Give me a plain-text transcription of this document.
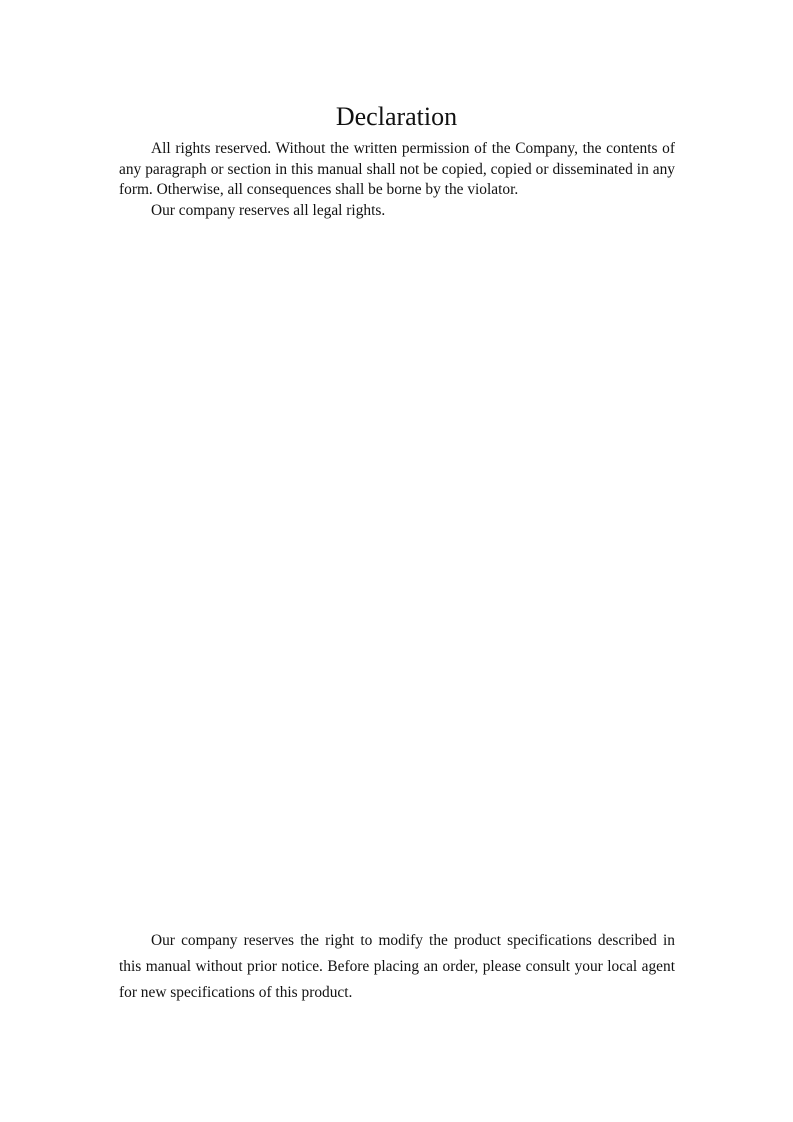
Declaration

All rights reserved. Without the written permission of the Company, the contents of any paragraph or section in this manual shall not be copied, copied or disseminated in any form. Otherwise, all consequences shall be borne by the violator.

Our company reserves all legal rights.

Our company reserves the right to modify the product specifications described in this manual without prior notice. Before placing an order, please consult your local agent for new specifications of this product.
